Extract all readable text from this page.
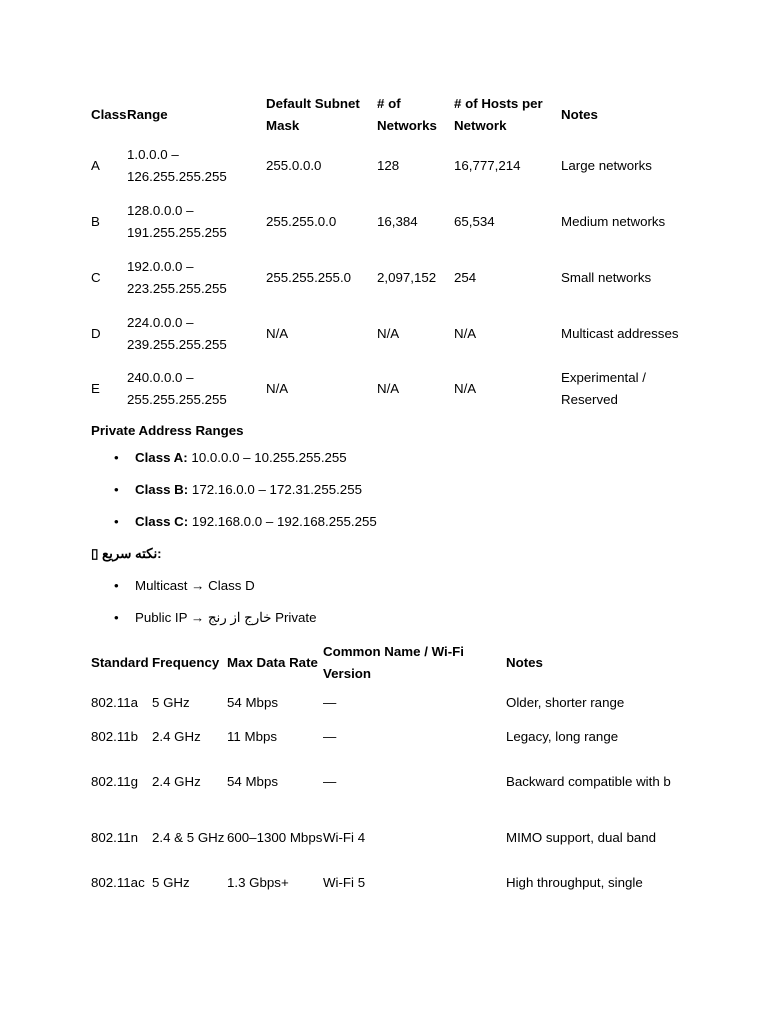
Class	Range	Default Subnet Mask	# of Networks	# of Hosts per Network	Notes
A	1.0.0.0 – 126.255.255.255	255.0.0.0	128	16,777,214	Large networks
B	128.0.0.0 – 191.255.255.255	255.255.0.0	16,384	65,534	Medium networks
C	192.0.0.0 – 223.255.255.255	255.255.255.0	2,097,152	254	Small networks
D	224.0.0.0 – 239.255.255.255	N/A	N/A	N/A	Multicast addresses
E	240.0.0.0 – 255.255.255.255	N/A	N/A	N/A	Experimental / Reserved
Private Address Ranges
• Class A: 10.0.0.0 – 10.255.255.255
• Class B: 172.16.0.0 – 172.31.255.255
• Class C: 192.168.0.0 – 192.168.255.255
▯ نکته سریع:
• Multicast → Class D
• Public IP → خارج از رنج Private
Standard	Frequency	Max Data Rate	Common Name / Wi-Fi Version	Notes
802.11a	5 GHz	54 Mbps	—	Older, shorter range
802.11b	2.4 GHz	11 Mbps	—	Legacy, long range
802.11g	2.4 GHz	54 Mbps	—	Backward compatible with b
802.11n	2.4 & 5 GHz	600–1300 Mbps	Wi-Fi 4	MIMO support, dual band
802.11ac	5 GHz	1.3 Gbps+	Wi-Fi 5	High throughput, single
